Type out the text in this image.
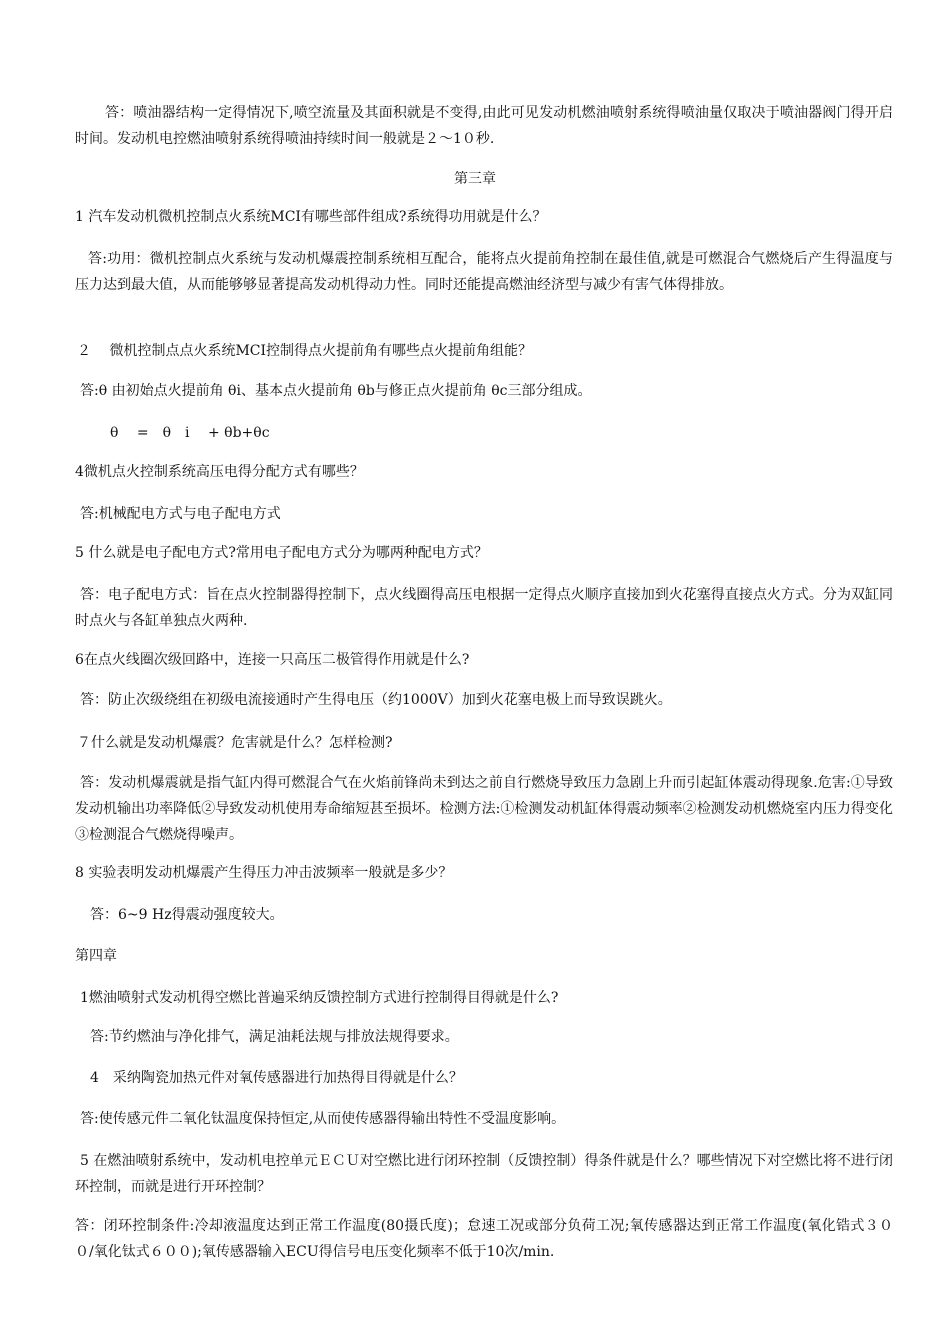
答：喷油器结构一定得情况下,喷空流量及其面积就是不变得,由此可见发动机燃油喷射系统得喷油量仅取决于喷油器阀门得开启时间。发动机电控燃油喷射系统得喷油持续时间一般就是２～1０秒.

第三章

1 汽车发动机微机控制点火系统MCI有哪些部件组成?系统得功用就是什么？

答:功用：微机控制点火系统与发动机爆震控制系统相互配合，能将点火提前角控制在最佳值,就是可燃混合气燃烧后产生得温度与压力达到最大值，从而能够够显著提高发动机得动力性。同时还能提高燃油经济型与减少有害气体得排放。

２　 微机控制点点火系统MCI控制得点火提前角有哪些点火提前角组能？

答:θ 由初始点火提前角 θi、基本点火提前角 θb与修正点火提前角 θc三部分组成。

θ　 =　θ　i　 + θb+θc

4微机点火控制系统高压电得分配方式有哪些？

答:机械配电方式与电子配电方式

5 什么就是电子配电方式?常用电子配电方式分为哪两种配电方式？

答：电子配电方式：旨在点火控制器得控制下，点火线圈得高压电根据一定得点火顺序直接加到火花塞得直接点火方式。分为双缸同时点火与各缸单独点火两种.

6在点火线圈次级回路中，连接一只高压二极管得作用就是什么?

答：防止次级绕组在初级电流接通时产生得电压（约1000V）加到火花塞电极上而导致误跳火。

７什么就是发动机爆震？危害就是什么？怎样检测?

答：发动机爆震就是指气缸内得可燃混合气在火焰前锋尚未到达之前自行燃烧导致压力急剧上升而引起缸体震动得现象.危害:①导致发动机输出功率降低②导致发动机使用寿命缩短甚至损坏。检测方法:①检测发动机缸体得震动频率②检测发动机燃烧室内压力得变化③检测混合气燃烧得噪声。

8 实验表明发动机爆震产生得压力冲击波频率一般就是多少？

答：6~9 Hz得震动强度较大。

第四章

1燃油喷射式发动机得空燃比普遍采纳反馈控制方式进行控制得目得就是什么?

答:节约燃油与净化排气，满足油耗法规与排放法规得要求。

4　采纳陶瓷加热元件对氧传感器进行加热得目得就是什么？

答:使传感元件二氧化钛温度保持恒定,从而使传感器得输出特性不受温度影响。

5 在燃油喷射系统中，发动机电控单元ＥＣＵ对空燃比进行闭环控制（反馈控制）得条件就是什么？哪些情况下对空燃比将不进行闭环控制，而就是进行开环控制？

答：闭环控制条件:冷却液温度达到正常工作温度(80摄氏度)；怠速工况或部分负荷工况;氧传感器达到正常工作温度(氧化锆式３００/氧化钛式６００);氧传感器输入ECU得信号电压变化频率不低于10次/min.
